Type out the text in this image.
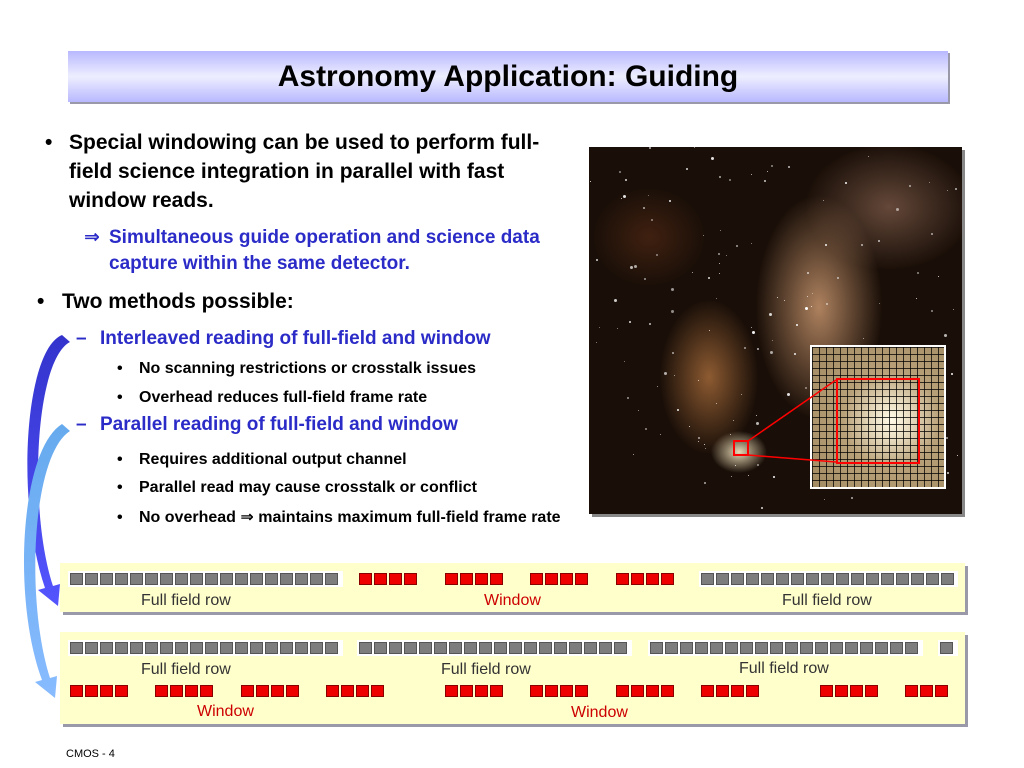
Astronomy Application: Guiding
• Special windowing can be used to perform full-field science integration in parallel with fast window reads.
⇒ Simultaneous guide operation and science data capture within the same detector.
• Two methods possible:
– Interleaved reading of full-field and window
• No scanning restrictions or crosstalk issues
• Overhead reduces full-field frame rate
– Parallel reading of full-field and window
• Requires additional output channel
• Parallel read may cause crosstalk or conflict
• No overhead ⇒ maintains maximum full-field frame rate
Full field row	Window	Full field row
Full field row	Full field row	Full field row
Window	Window
CMOS - 4
